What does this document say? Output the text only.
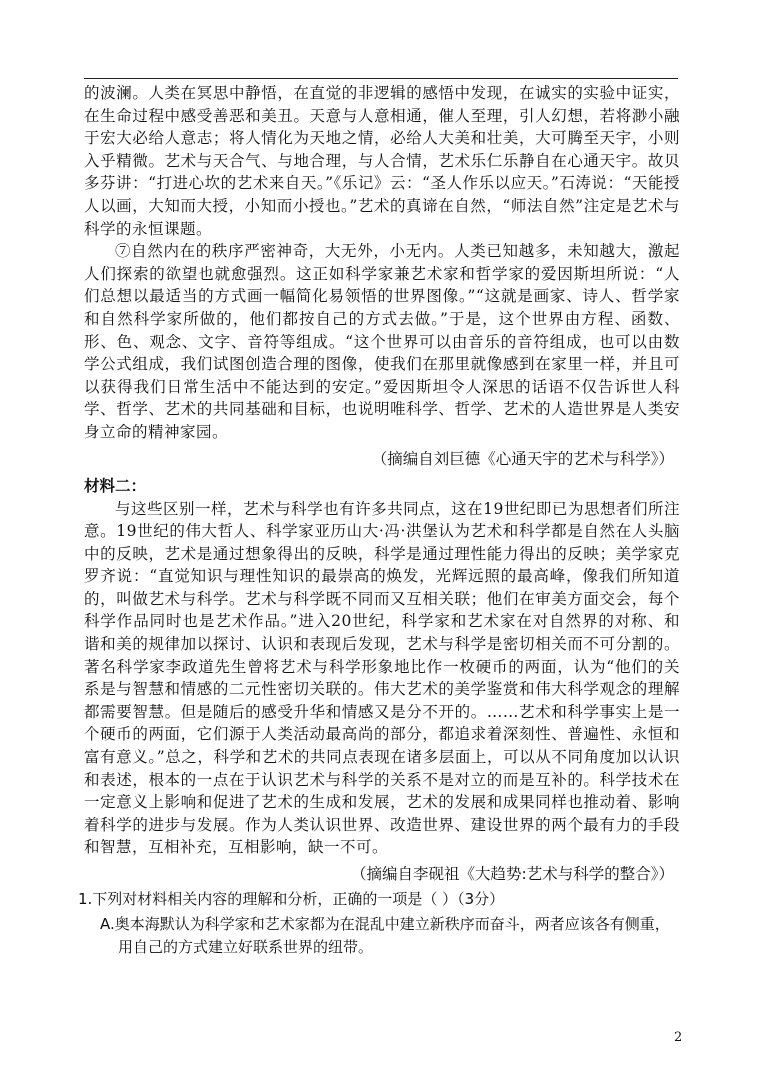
的波澜。人类在冥思中静悟，在直觉的非逻辑的感悟中发现，在诚实的实验中证实，在生命过程中感受善恶和美丑。天意与人意相通，催人至理，引人幻想，若将渺小融于宏大必给人意志；将人情化为天地之情，必给人大美和壮美，大可腾至天宇，小则入乎精微。艺术与天合气、与地合理，与人合情，艺术乐仁乐静自在心通天宇。故贝多芬讲：“打进心坎的艺术来自天。”《乐记》云：“圣人作乐以应天。”石涛说：“天能授人以画，大知而大授，小知而小授也。”艺术的真谛在自然，“师法自然”注定是艺术与科学的永恒课题。

⑦自然内在的秩序严密神奇，大无外，小无内。人类已知越多，未知越大，激起人们探索的欲望也就愈强烈。这正如科学家兼艺术家和哲学家的爱因斯坦所说：“人们总想以最适当的方式画一幅简化易领悟的世界图像。”“这就是画家、诗人、哲学家和自然科学家所做的，他们都按自己的方式去做。”于是，这个世界由方程、函数、形、色、观念、文字、音符等组成。“这个世界可以由音乐的音符组成，也可以由数学公式组成，我们试图创造合理的图像，使我们在那里就像感到在家里一样，并且可以获得我们日常生活中不能达到的安定。”爱因斯坦令人深思的话语不仅告诉世人科学、哲学、艺术的共同基础和目标，也说明唯科学、哲学、艺术的人造世界是人类安身立命的精神家园。

（摘编自刘巨德《心通天宇的艺术与科学》）

材料二：

与这些区别一样，艺术与科学也有许多共同点，这在19世纪即已为思想者们所注意。19世纪的伟大哲人、科学家亚历山大·冯·洪堡认为艺术和科学都是自然在人头脑中的反映，艺术是通过想象得出的反映，科学是通过理性能力得出的反映；美学家克罗齐说：“直觉知识与理性知识的最崇高的焕发，光辉远照的最高峰，像我们所知道的，叫做艺术与科学。艺术与科学既不同而又互相关联；他们在审美方面交会，每个科学作品同时也是艺术作品。”进入20世纪，科学家和艺术家在对自然界的对称、和谐和美的规律加以探讨、认识和表现后发现，艺术与科学是密切相关而不可分割的。著名科学家李政道先生曾将艺术与科学形象地比作一枚硬币的两面，认为“他们的关系是与智慧和情感的二元性密切关联的。伟大艺术的美学鉴赏和伟大科学观念的理解都需要智慧。但是随后的感受升华和情感又是分不开的。……艺术和科学事实上是一个硬币的两面，它们源于人类活动最高尚的部分，都追求着深刻性、普遍性、永恒和富有意义。”总之，科学和艺术的共同点表现在诸多层面上，可以从不同角度加以认识和表述，根本的一点在于认识艺术与科学的关系不是对立的而是互补的。科学技术在一定意义上影响和促进了艺术的生成和发展，艺术的发展和成果同样也推动着、影响着科学的进步与发展。作为人类认识世界、改造世界、建设世界的两个最有力的手段和智慧，互相补充，互相影响，缺一不可。

（摘编自李砚祖《大趋势:艺术与科学的整合》）

1.下列对材料相关内容的理解和分析，正确的一项是（ ）（3分）

A.奥本海默认为科学家和艺术家都为在混乱中建立新秩序而奋斗，两者应该各有侧重，用自己的方式建立好联系世界的纽带。

2
